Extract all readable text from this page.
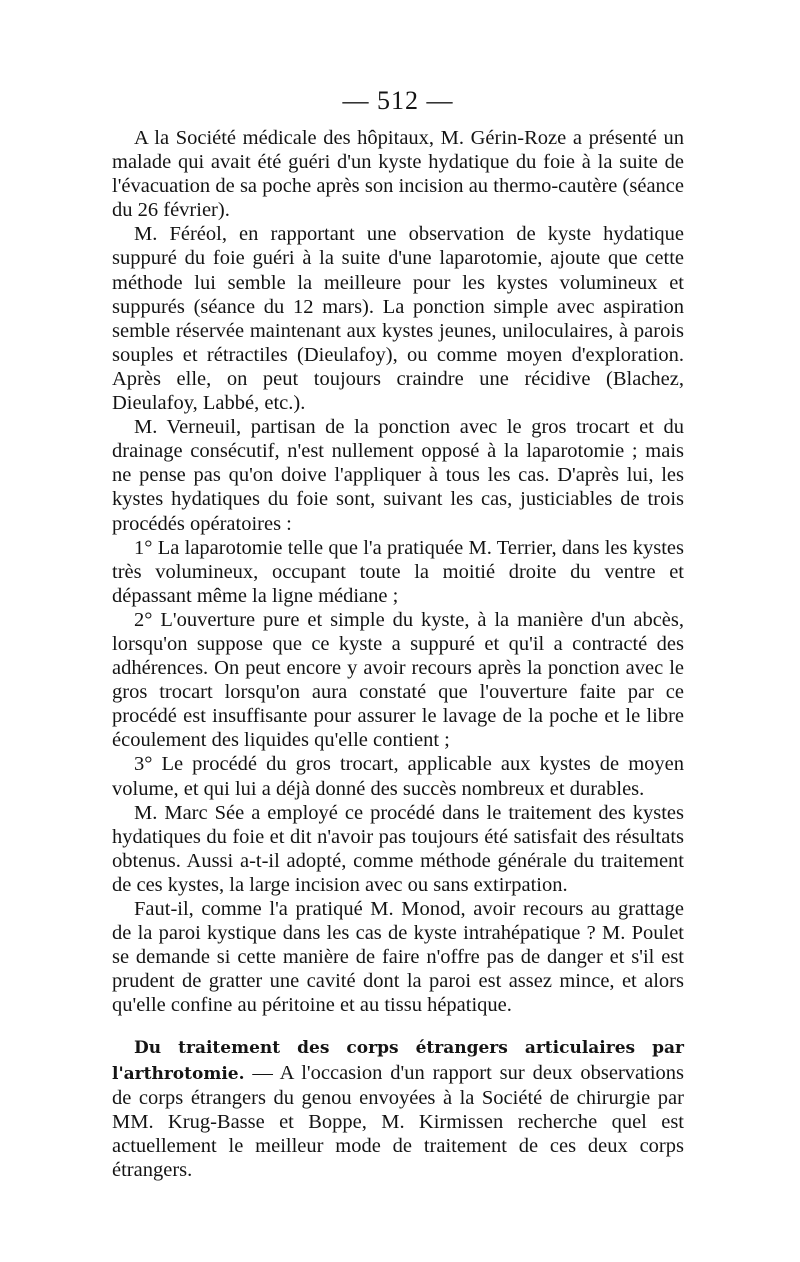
— 512 —

A la Société médicale des hôpitaux, M. Gérin-Roze a présenté un malade qui avait été guéri d'un kyste hydatique du foie à la suite de l'évacuation de sa poche après son incision au thermo-cautère (séance du 26 février).

M. Féréol, en rapportant une observation de kyste hydatique suppuré du foie guéri à la suite d'une laparotomie, ajoute que cette méthode lui semble la meilleure pour les kystes volumineux et suppurés (séance du 12 mars). La ponction simple avec aspiration semble réservée maintenant aux kystes jeunes, uniloculaires, à parois souples et rétractiles (Dieulafoy), ou comme moyen d'exploration. Après elle, on peut toujours craindre une récidive (Blachez, Dieulafoy, Labbé, etc.).

M. Verneuil, partisan de la ponction avec le gros trocart et du drainage consécutif, n'est nullement opposé à la laparotomie ; mais ne pense pas qu'on doive l'appliquer à tous les cas. D'après lui, les kystes hydatiques du foie sont, suivant les cas, justiciables de trois procédés opératoires :

1° La laparotomie telle que l'a pratiquée M. Terrier, dans les kystes très volumineux, occupant toute la moitié droite du ventre et dépassant même la ligne médiane ;

2° L'ouverture pure et simple du kyste, à la manière d'un abcès, lorsqu'on suppose que ce kyste a suppuré et qu'il a contracté des adhérences. On peut encore y avoir recours après la ponction avec le gros trocart lorsqu'on aura constaté que l'ouverture faite par ce procédé est insuffisante pour assurer le lavage de la poche et le libre écoulement des liquides qu'elle contient ;

3° Le procédé du gros trocart, applicable aux kystes de moyen volume, et qui lui a déjà donné des succès nombreux et durables.

M. Marc Sée a employé ce procédé dans le traitement des kystes hydatiques du foie et dit n'avoir pas toujours été satisfait des résultats obtenus. Aussi a-t-il adopté, comme méthode générale du traitement de ces kystes, la large incision avec ou sans extirpation.

Faut-il, comme l'a pratiqué M. Monod, avoir recours au grattage de la paroi kystique dans les cas de kyste intrahépatique ? M. Poulet se demande si cette manière de faire n'offre pas de danger et s'il est prudent de gratter une cavité dont la paroi est assez mince, et alors qu'elle confine au péritoine et au tissu hépatique.

Du traitement des corps étrangers articulaires par l'arthrotomie. — A l'occasion d'un rapport sur deux observations de corps étrangers du genou envoyées à la Société de chirurgie par MM. Krug-Basse et Boppe, M. Kirmissen recherche quel est actuellement le meilleur mode de traitement de ces deux corps étrangers.
